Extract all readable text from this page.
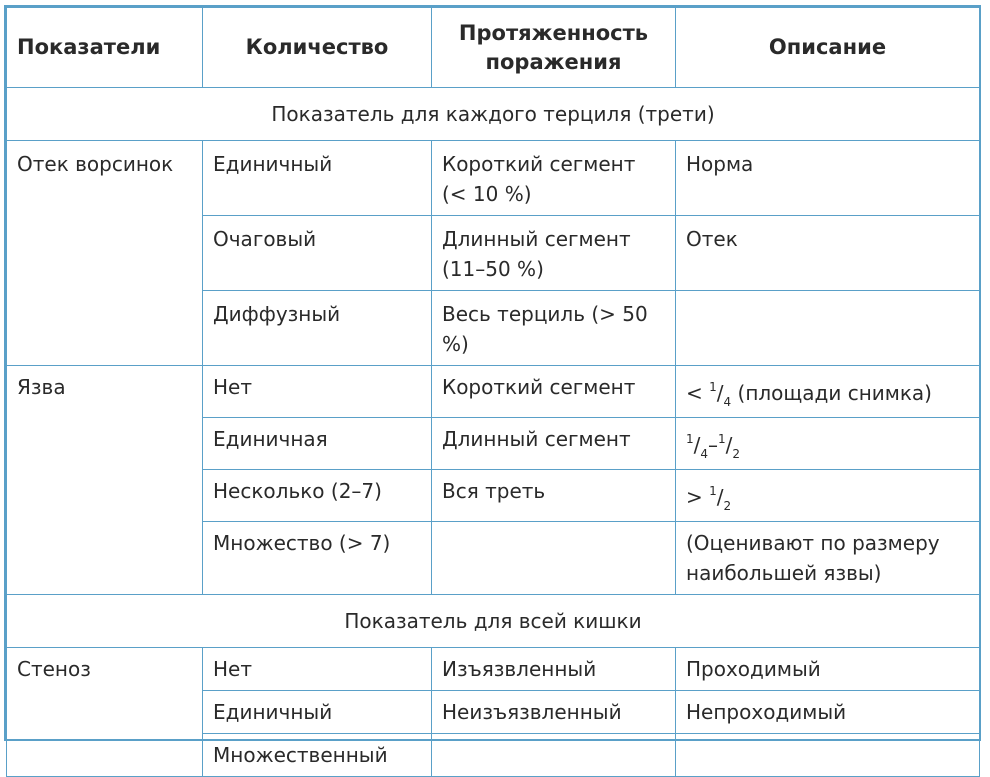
Показатели	Количество	Протяженность поражения	Описание
Показатель для каждого терциля (трети)			
Отек ворсинок	Единичный	Короткий сегмент (< 10 %)	Норма
	Очаговый	Длинный сегмент (11–50 %)	Отек
	Диффузный	Весь терциль (> 50 %)	
Язва	Нет	Короткий сегмент	< $^1/_4$ (площади снимка)
	Единичная	Длинный сегмент	$^1/_4-^1/_2$
	Несколько (2–7)	Вся треть	> $^1/_2$
	Множество (> 7)		(Оценивают по размеру наибольшей язвы)
Показатель для всей кишки			
Стеноз	Нет	Изъязвленный	Проходимый
	Единичный	Неизъязвленный	Непроходимый
	Множественный		
